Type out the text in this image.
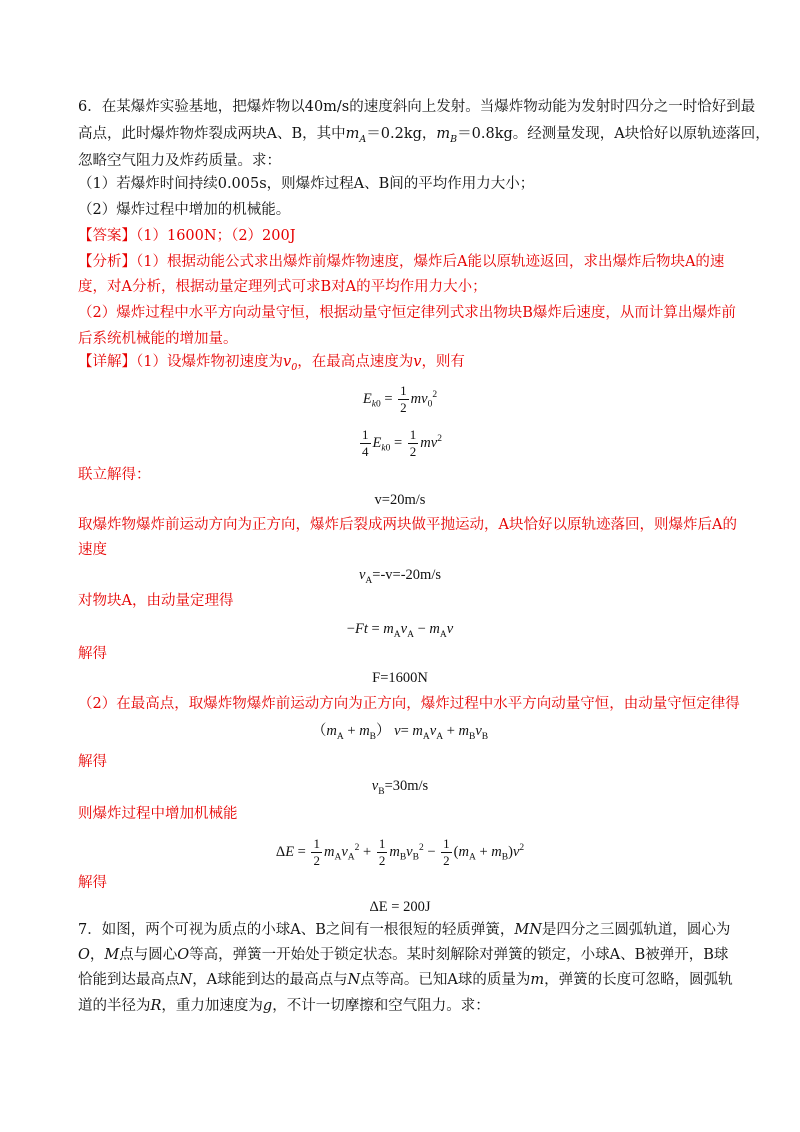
6．在某爆炸实验基地，把爆炸物以40m/s的速度斜向上发射。当爆炸物动能为发射时四分之一时恰好到最
高点，此时爆炸物炸裂成两块A、B，其中$m_A=0.2kg$，$m_B=0.8kg$。经测量发现，A块恰好以原轨迹落回，
忽略空气阻力及炸药质量。求：
（1）若爆炸时间持续0.005s，则爆炸过程A、B间的平均作用力大小；
（2）爆炸过程中增加的机械能。
【答案】（1）1600N；（2）200J
【分析】（1）根据动能公式求出爆炸前爆炸物速度，爆炸后A能以原轨迹返回，求出爆炸后物块A的速
度，对A分析，根据动量定理列式可求B对A的平均作用力大小；
（2）爆炸过程中水平方向动量守恒，根据动量守恒定律列式求出物块B爆炸后速度，从而计算出爆炸前
后系统机械能的增加量。
【详解】（1）设爆炸物初速度为$v_0$，在最高点速度为v，则有
$E_{k0} = \frac{1}{2} mv_0^2$
$\frac{1}{4} E_{k0} = \frac{1}{2} mv^2$
联立解得：
v=20m/s
取爆炸物爆炸前运动方向为正方向，爆炸后裂成两块做平抛运动，A块恰好以原轨迹落回，则爆炸后A的
速度
$v_A=-v=-20m/s$
对物块A，由动量定理得
$-Ft = m_Av_A - m_Av$
解得
F=1600N
（2）在最高点，取爆炸物爆炸前运动方向为正方向，爆炸过程中水平方向动量守恒，由动量守恒定律得
$(m_A + m_B)$ $v= m_Av_A + m_Bv_B$
解得
$v_B=30m/s$
则爆炸过程中增加机械能
$\Delta E = \frac{1}{2} m_Av_A^2 + \frac{1}{2} m_Bv_B^2 - \frac{1}{2} (m_A + m_B)v^2$
解得
ΔE = 200J
7．如图，两个可视为质点的小球A、B之间有一根很短的轻质弹簧，MN是四分之三圆弧轨道，圆心为
O，M点与圆心O等高，弹簧一开始处于锁定状态。某时刻解除对弹簧的锁定，小球A、B被弹开，B球
恰能到达最高点N，A球能到达的最高点与N点等高。已知A球的质量为m，弹簧的长度可忽略，圆弧轨
道的半径为R，重力加速度为g，不计一切摩擦和空气阻力。求：
